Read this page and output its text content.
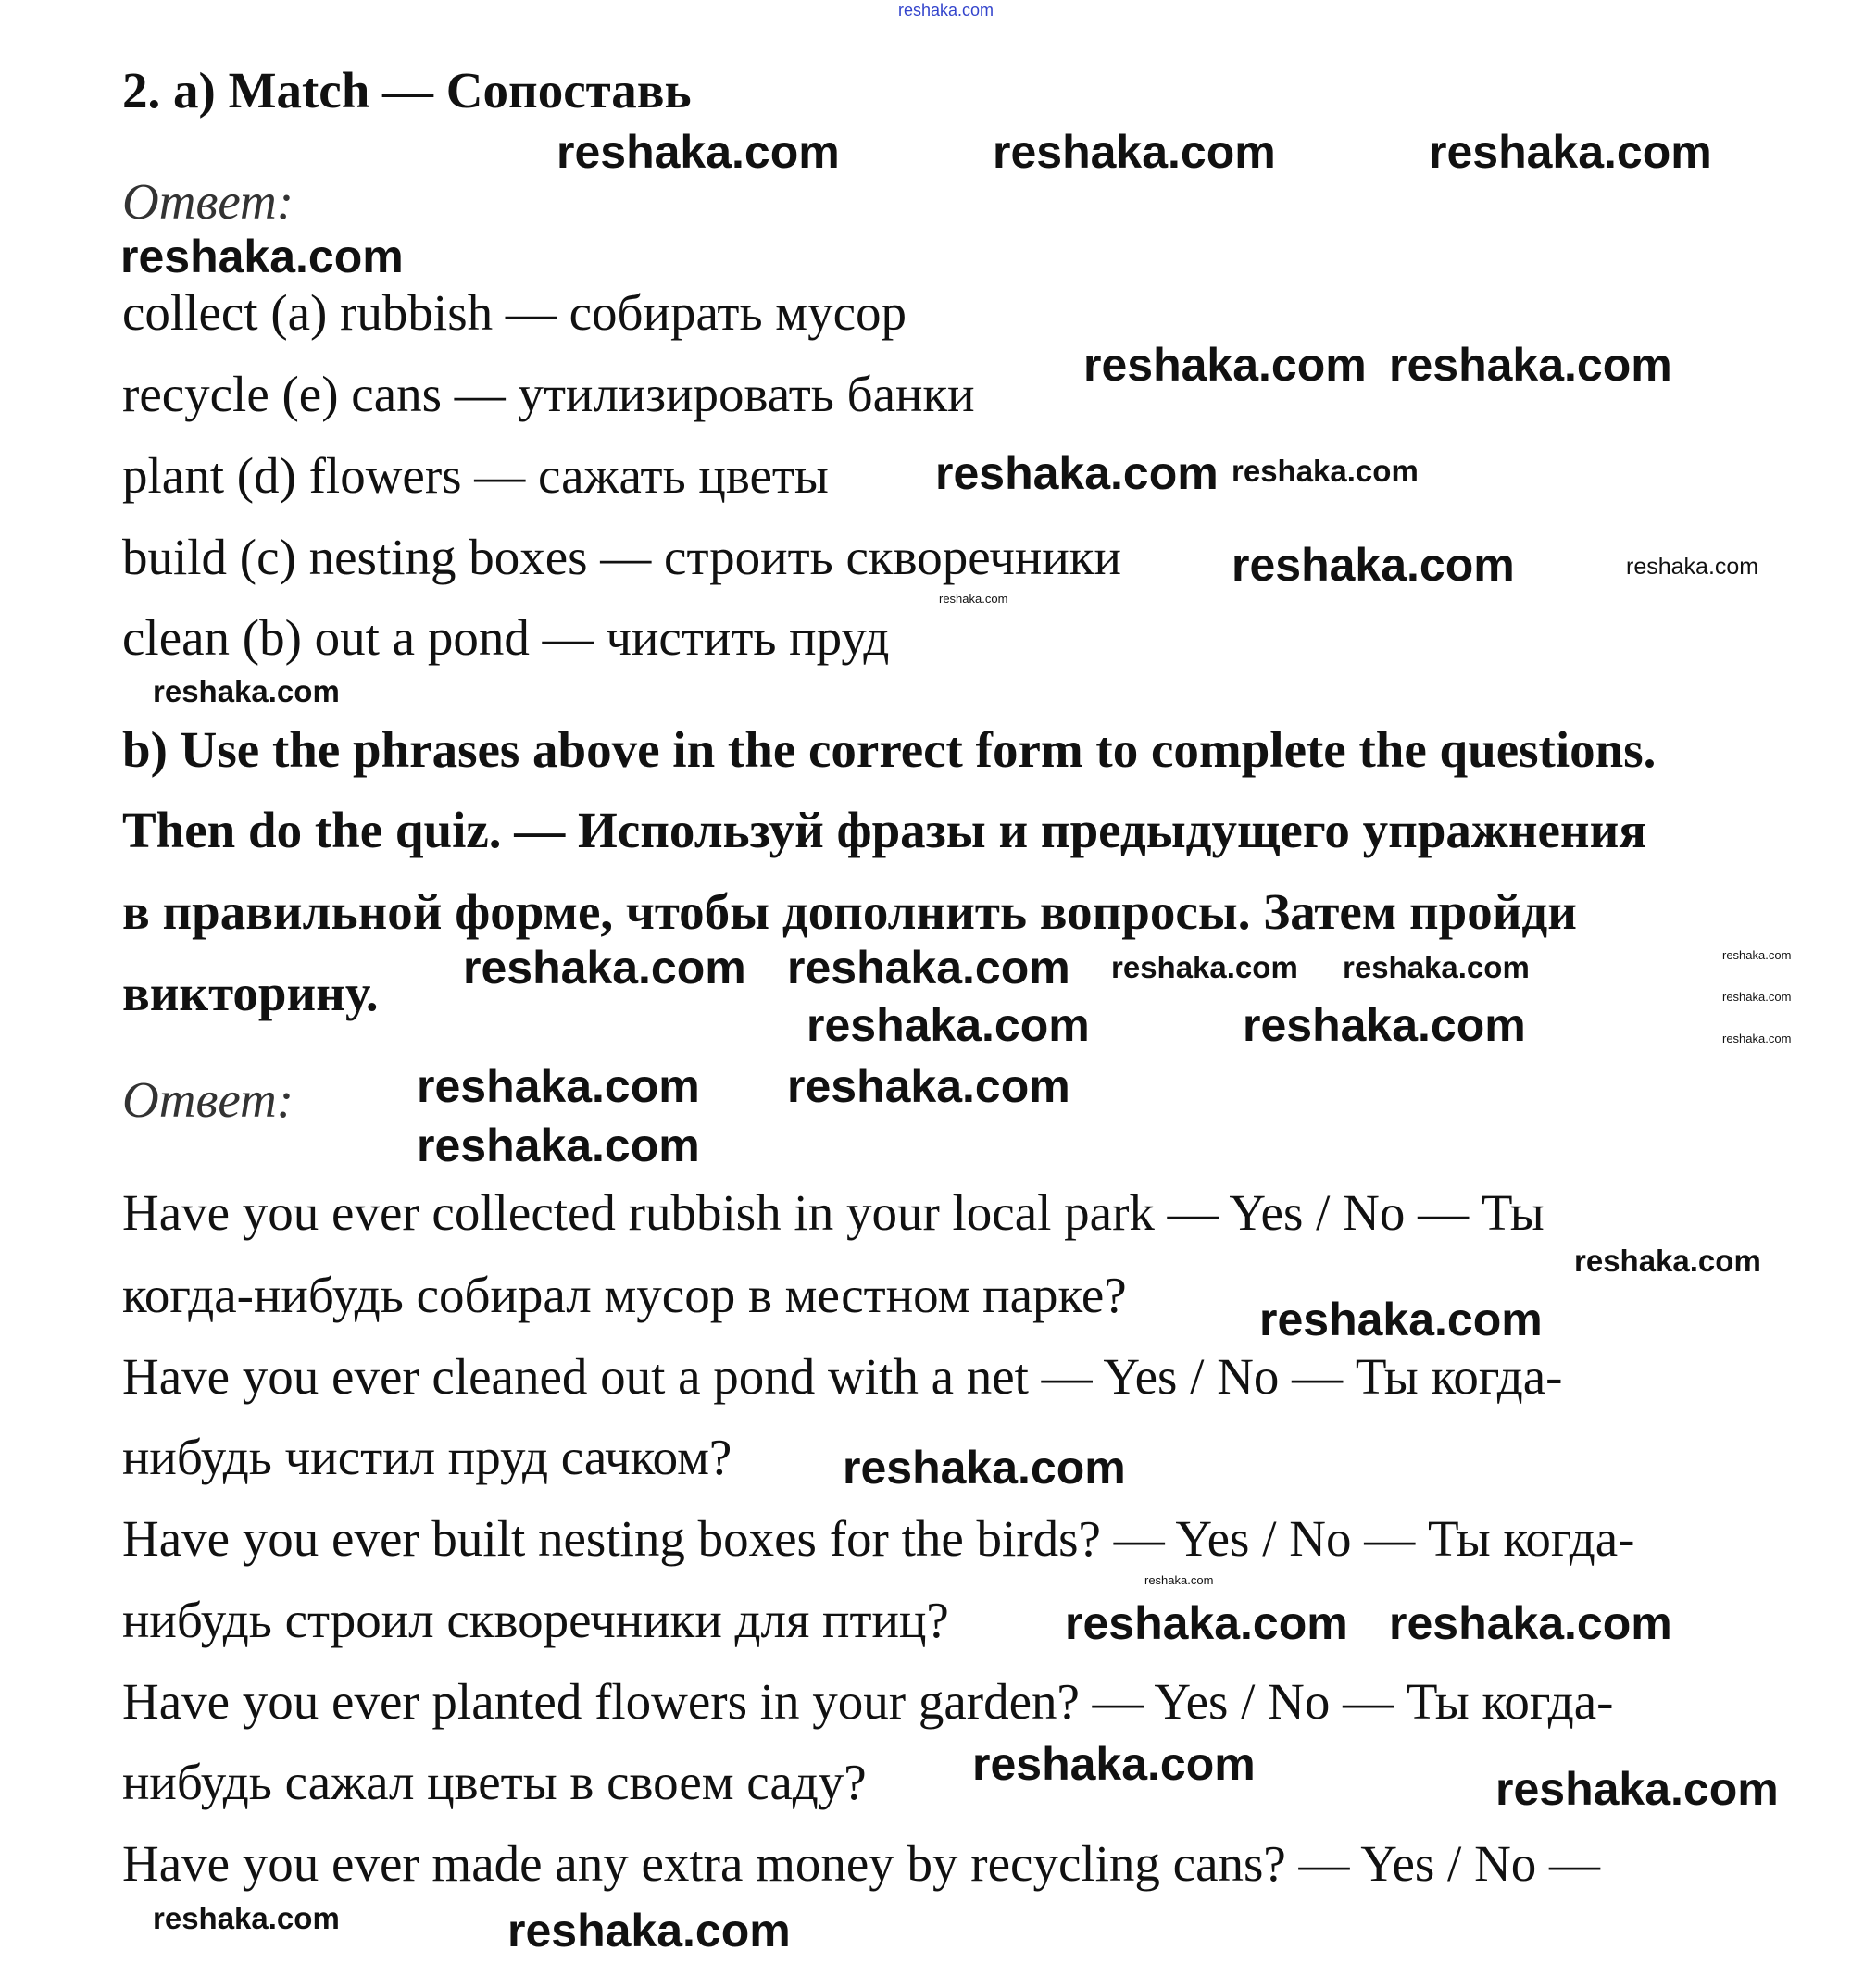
2. a) Match — Сопоставь
Ответ:
collect (a) rubbish — собирать мусор
recycle (e) cans — утилизировать банки
plant (d) flowers — сажать цветы
build (c) nesting boxes — строить скворечники
clean (b) out a pond — чистить пруд
b) Use the phrases above in the correct form to complete the questions.
Then do the quiz. — Используй фразы и предыдущего упражнения
в правильной форме, чтобы дополнить вопросы. Затем пройди
викторину.
Ответ:
Have you ever collected rubbish in your local park — Yes / No — Ты
когда-нибудь собирал мусор в местном парке?
Have you ever cleaned out a pond with a net — Yes / No — Ты когда-
нибудь чистил пруд сачком?
Have you ever built nesting boxes for the birds? — Yes / No — Ты когда-
нибудь строил скворечники для птиц?
Have you ever planted flowers in your garden? — Yes / No — Ты когда-
нибудь сажал цветы в своем саду?
Have you ever made any extra money by recycling cans? — Yes / No —
reshaka.com
reshaka.com	reshaka.com	reshaka.com
reshaka.com
reshaka.com reshaka.com
reshaka.com
reshaka.com
reshaka.com	reshaka.com
reshaka.com
reshaka.com
reshaka.com reshaka.com reshaka.com reshaka.com	reshaka.com
reshaka.com
reshaka.com
reshaka.com	reshaka.com
reshaka.com reshaka.com
reshaka.com
reshaka.com
reshaka.com
reshaka.com
reshaka.com
reshaka.com reshaka.com
reshaka.com	reshaka.com
reshaka.com	reshaka.com
